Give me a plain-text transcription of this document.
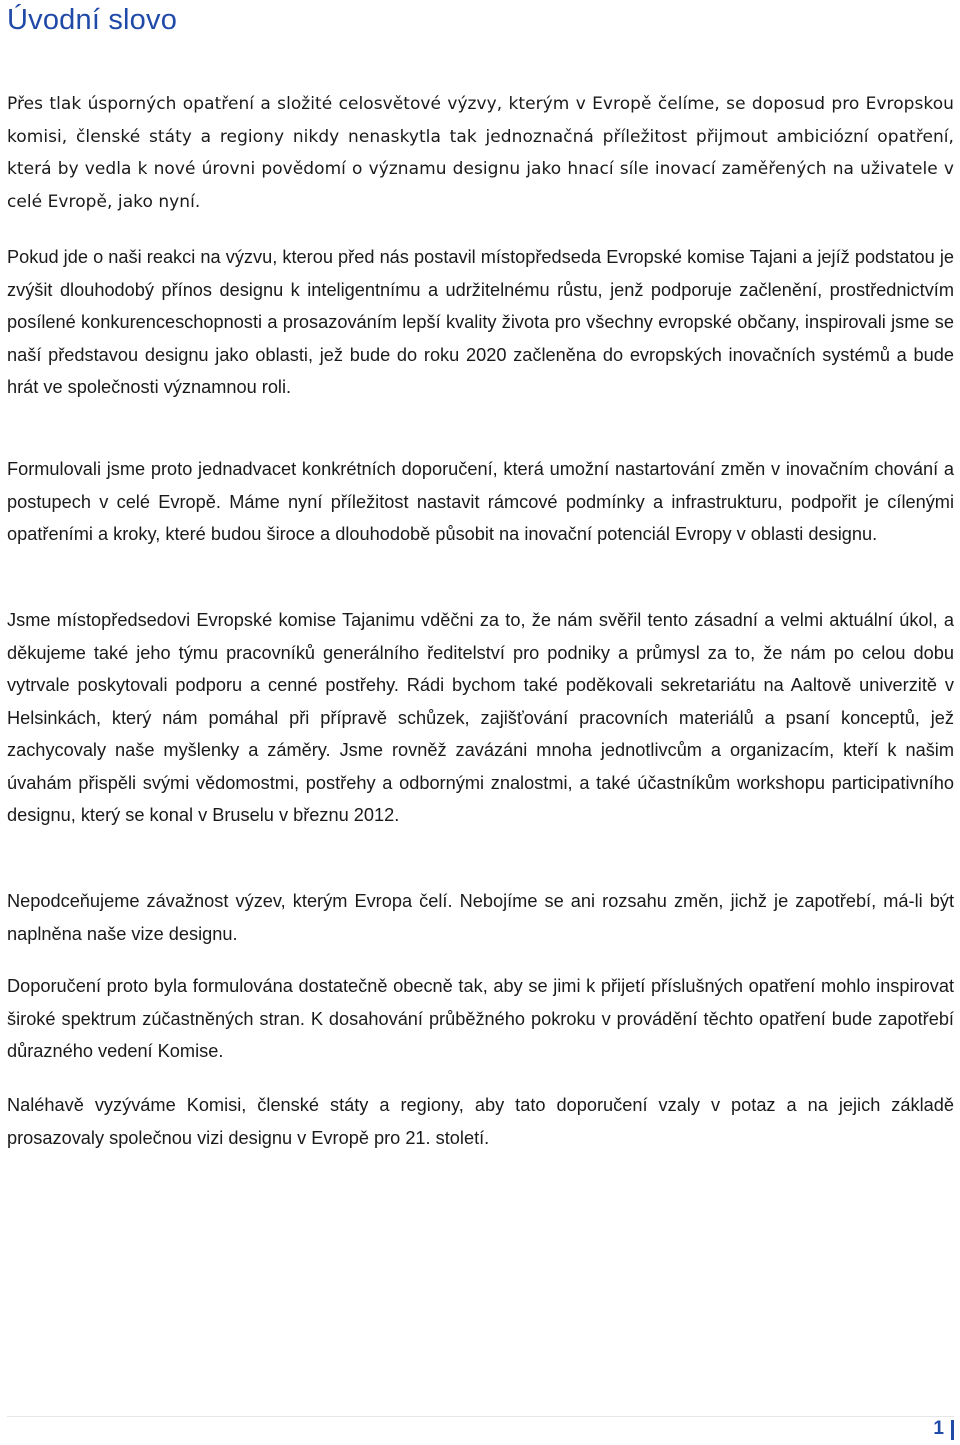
Úvodní slovo

Přes tlak úsporných opatření a složité celosvětové výzvy, kterým v Evropě čelíme, se doposud pro Evropskou komisi, členské státy a regiony nikdy nenaskytla tak jednoznačná příležitost přijmout ambiciózní opatření, která by vedla k nové úrovni povědomí o významu designu jako hnací síle inovací zaměřených na uživatele v celé Evropě, jako nyní.

Pokud jde o naši reakci na výzvu, kterou před nás postavil místopředseda Evropské komise Tajani a jejíž podstatou je zvýšit dlouhodobý přínos designu k inteligentnímu a udržitelnému růstu, jenž podporuje začlenění, prostřednictvím posílené konkurenceschopnosti a prosazováním lepší kvality života pro všechny evropské občany, inspirovali jsme se naší představou designu jako oblasti, jež bude do roku 2020 začleněna do evropských inovačních systémů a bude hrát ve společnosti významnou roli.

Formulovali jsme proto jednadvacet konkrétních doporučení, která umožní nastartování změn v inovačním chování a postupech v celé Evropě. Máme nyní příležitost nastavit rámcové podmínky a infrastrukturu, podpořit je cílenými opatřeními a kroky, které budou široce a dlouhodobě působit na inovační potenciál Evropy v oblasti designu.

Jsme místopředsedovi Evropské komise Tajanimu vděčni za to, že nám svěřil tento zásadní a velmi aktuální úkol, a děkujeme také jeho týmu pracovníků generálního ředitelství pro podniky a průmysl za to, že nám po celou dobu vytrvale poskytovali podporu a cenné postřehy. Rádi bychom také poděkovali sekretariátu na Aaltově univerzitě v Helsinkách, který nám pomáhal při přípravě schůzek, zajišťování pracovních materiálů a psaní konceptů, jež zachycovaly naše myšlenky a záměry. Jsme rovněž zavázáni mnoha jednotlivcům a organizacím, kteří k našim úvahám přispěli svými vědomostmi, postřehy a odbornými znalostmi, a také účastníkům workshopu participativního designu, který se konal v Bruselu v březnu 2012.

Nepodceňujeme závažnost výzev, kterým Evropa čelí. Nebojíme se ani rozsahu změn, jichž je zapotřebí, má-li být naplněna naše vize designu.

Doporučení proto byla formulována dostatečně obecně tak, aby se jimi k přijetí příslušných opatření mohlo inspirovat široké spektrum zúčastněných stran. K dosahování průběžného pokroku v provádění těchto opatření bude zapotřebí důrazného vedení Komise.

Naléhavě vyzýváme Komisi, členské státy a regiony, aby tato doporučení vzaly v potaz a na jejich základě prosazovaly společnou vizi designu v Evropě pro 21. století.

1
